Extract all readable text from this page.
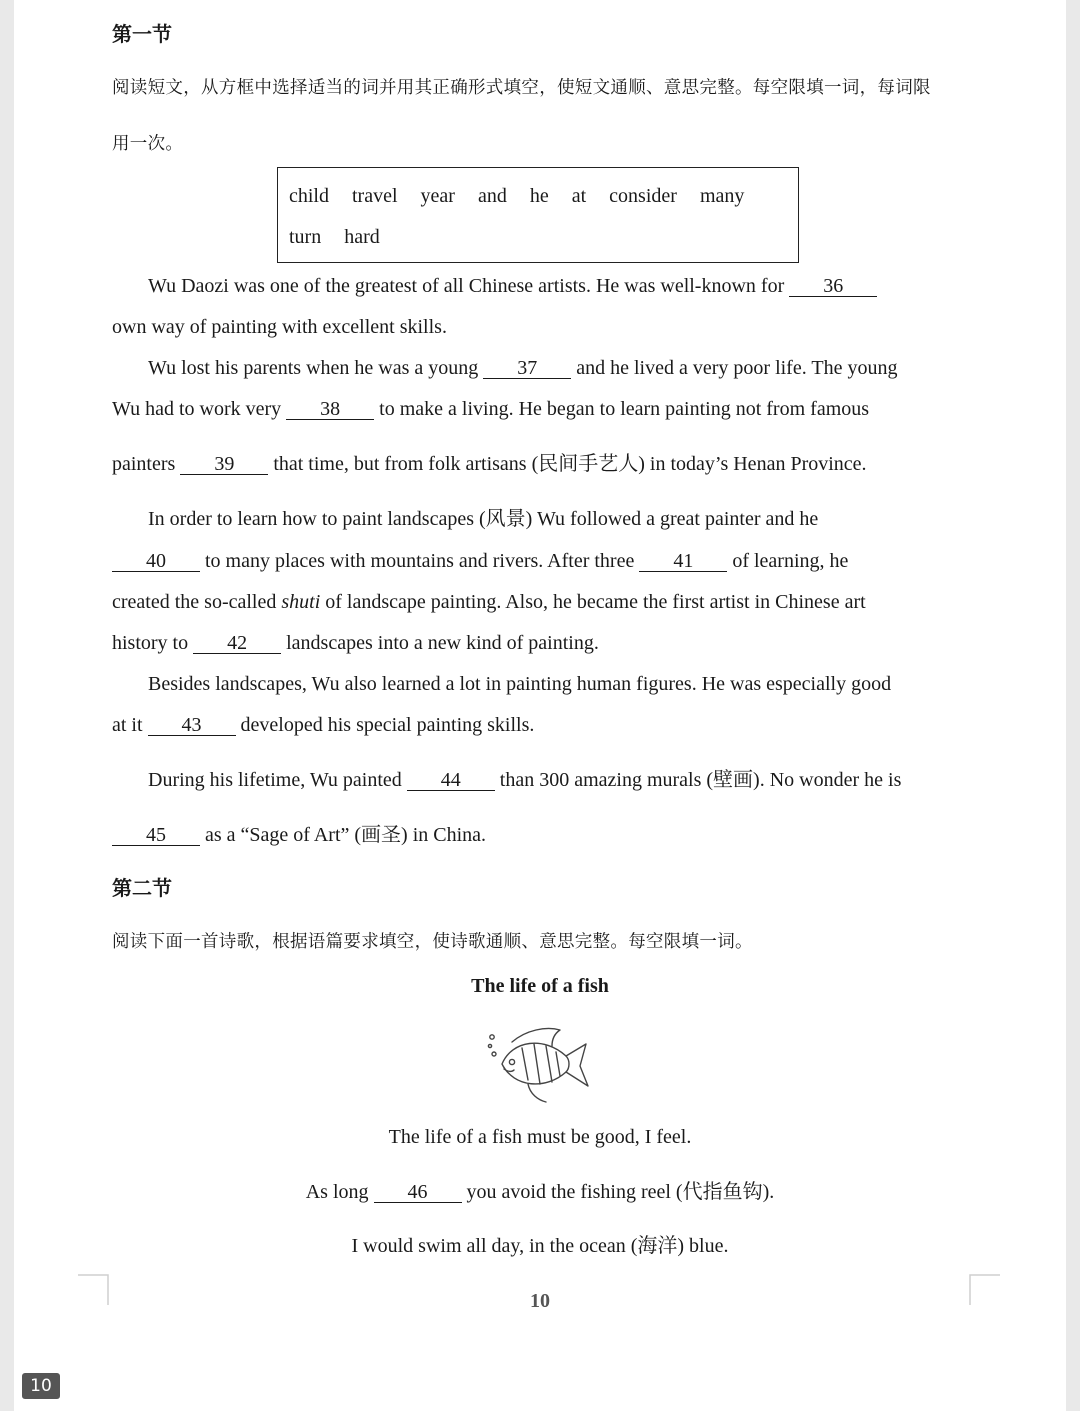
第一节
阅读短文，从方框中选择适当的词并用其正确形式填空，使短文通顺、意思完整。每空限填一词，每词限
用一次。
child travel year and he at consider many
turn hard
Wu Daozi was one of the greatest of all Chinese artists. He was well-known for 36
own way of painting with excellent skills.
Wu lost his parents when he was a young 37 and he lived a very poor life. The young
Wu had to work very 38 to make a living. He began to learn painting not from famous
painters 39 that time, but from folk artisans (民间手艺人) in today’s Henan Province.
In order to learn how to paint landscapes (风景) Wu followed a great painter and he
40 to many places with mountains and rivers. After three 41 of learning, he
created the so-called shuti of landscape painting. Also, he became the first artist in Chinese art
history to 42 landscapes into a new kind of painting.
Besides landscapes, Wu also learned a lot in painting human figures. He was especially good
at it 43 developed his special painting skills.
During his lifetime, Wu painted 44 than 300 amazing murals (壁画). No wonder he is
45 as a “Sage of Art” (画圣) in China.
第二节
阅读下面一首诗歌，根据语篇要求填空，使诗歌通顺、意思完整。每空限填一词。
The life of a fish
The life of a fish must be good, I feel.
As long 46 you avoid the fishing reel (代指鱼钩).
I would swim all day, in the ocean (海洋) blue.
10
10
